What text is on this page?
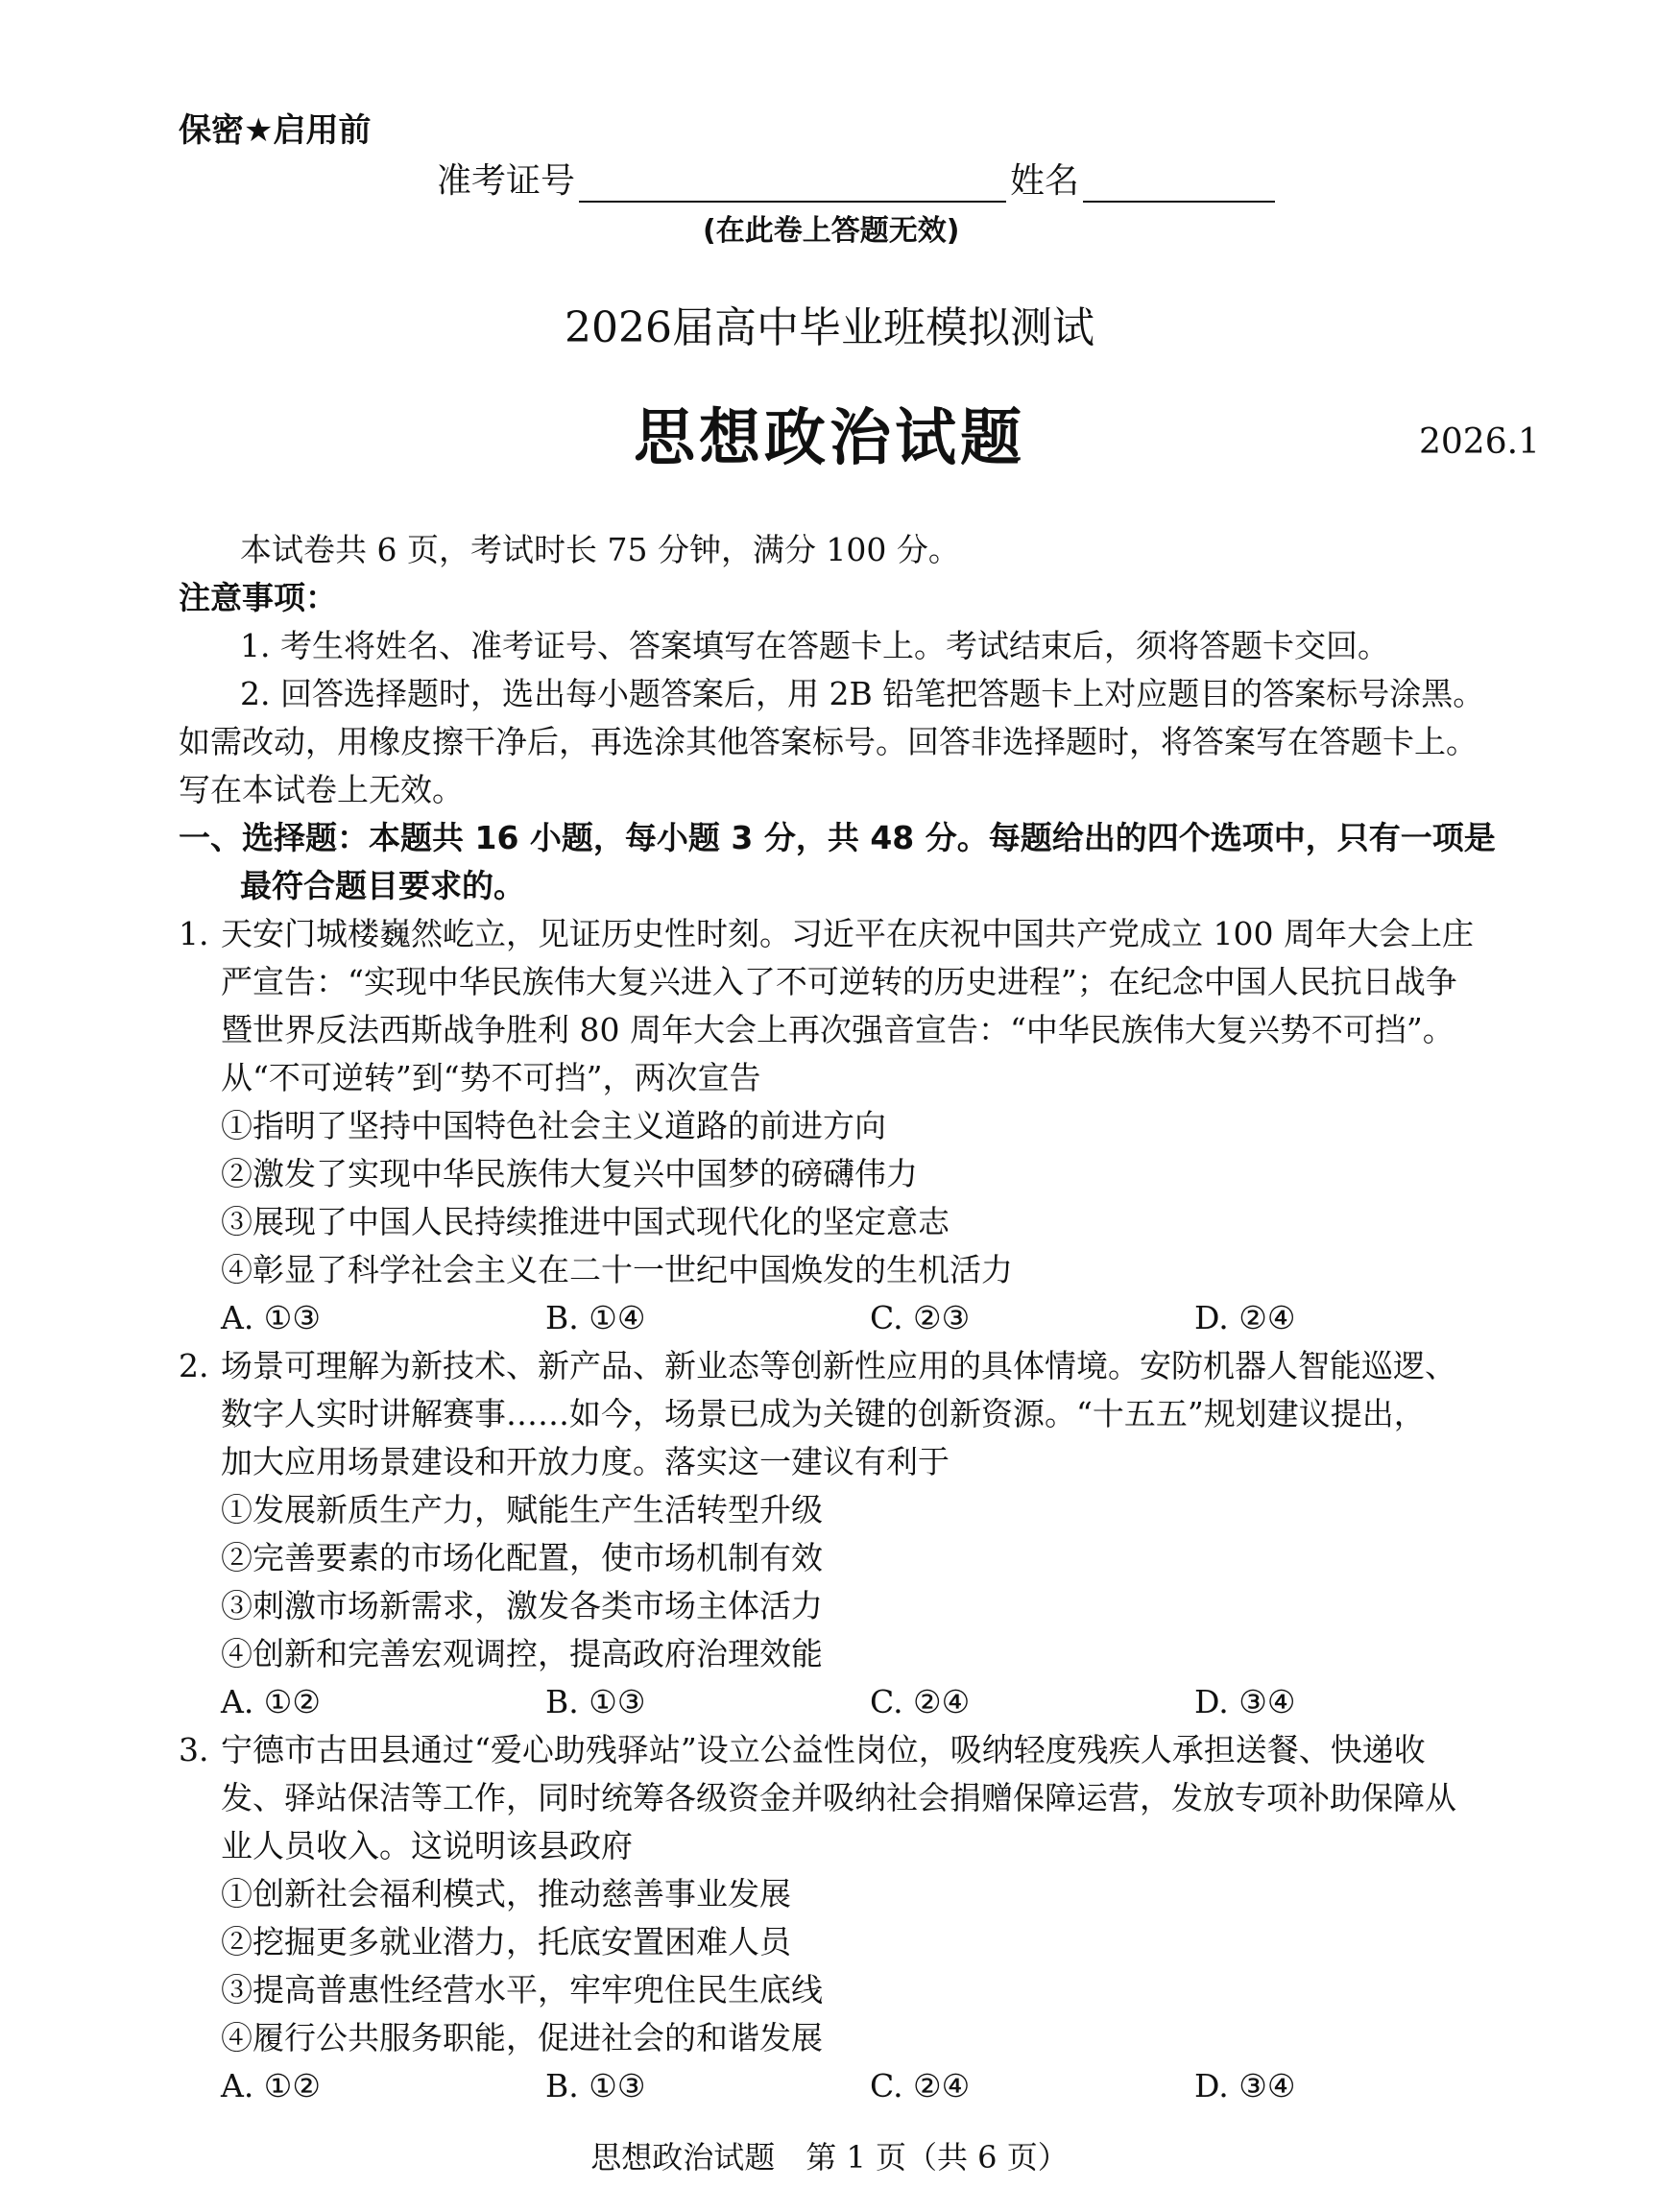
保密★启用前
准考证号	姓名
(在此卷上答题无效)
2026届高中毕业班模拟测试
思想政治试题	2026.1
本试卷共 6 页，考试时长 75 分钟，满分 100 分。
注意事项：
1. 考生将姓名、准考证号、答案填写在答题卡上。考试结束后，须将答题卡交回。
2. 回答选择题时，选出每小题答案后，用 2B 铅笔把答题卡上对应题目的答案标号涂黑。
如需改动，用橡皮擦干净后，再选涂其他答案标号。回答非选择题时，将答案写在答题卡上。
写在本试卷上无效。
一、选择题：本题共 16 小题，每小题 3 分，共 48 分。每题给出的四个选项中，只有一项是
最符合题目要求的。
1. 天安门城楼巍然屹立，见证历史性时刻。习近平在庆祝中国共产党成立 100 周年大会上庄
严宣告：“实现中华民族伟大复兴进入了不可逆转的历史进程”；在纪念中国人民抗日战争
暨世界反法西斯战争胜利 80 周年大会上再次强音宣告：“中华民族伟大复兴势不可挡”。
从“不可逆转”到“势不可挡”，两次宣告
①指明了坚持中国特色社会主义道路的前进方向
②激发了实现中华民族伟大复兴中国梦的磅礴伟力
③展现了中国人民持续推进中国式现代化的坚定意志
④彰显了科学社会主义在二十一世纪中国焕发的生机活力
A. ①③	B. ①④	C. ②③	D. ②④
2. 场景可理解为新技术、新产品、新业态等创新性应用的具体情境。安防机器人智能巡逻、
数字人实时讲解赛事……如今，场景已成为关键的创新资源。“十五五”规划建议提出，
加大应用场景建设和开放力度。落实这一建议有利于
①发展新质生产力，赋能生产生活转型升级
②完善要素的市场化配置，使市场机制有效
③刺激市场新需求，激发各类市场主体活力
④创新和完善宏观调控，提高政府治理效能
A. ①②	B. ①③	C. ②④	D. ③④
3. 宁德市古田县通过“爱心助残驿站”设立公益性岗位，吸纳轻度残疾人承担送餐、快递收
发、驿站保洁等工作，同时统筹各级资金并吸纳社会捐赠保障运营，发放专项补助保障从
业人员收入。这说明该县政府
①创新社会福利模式，推动慈善事业发展
②挖掘更多就业潜力，托底安置困难人员
③提高普惠性经营水平，牢牢兜住民生底线
④履行公共服务职能，促进社会的和谐发展
A. ①②	B. ①③	C. ②④	D. ③④
思想政治试题　第 1 页（共 6 页）
